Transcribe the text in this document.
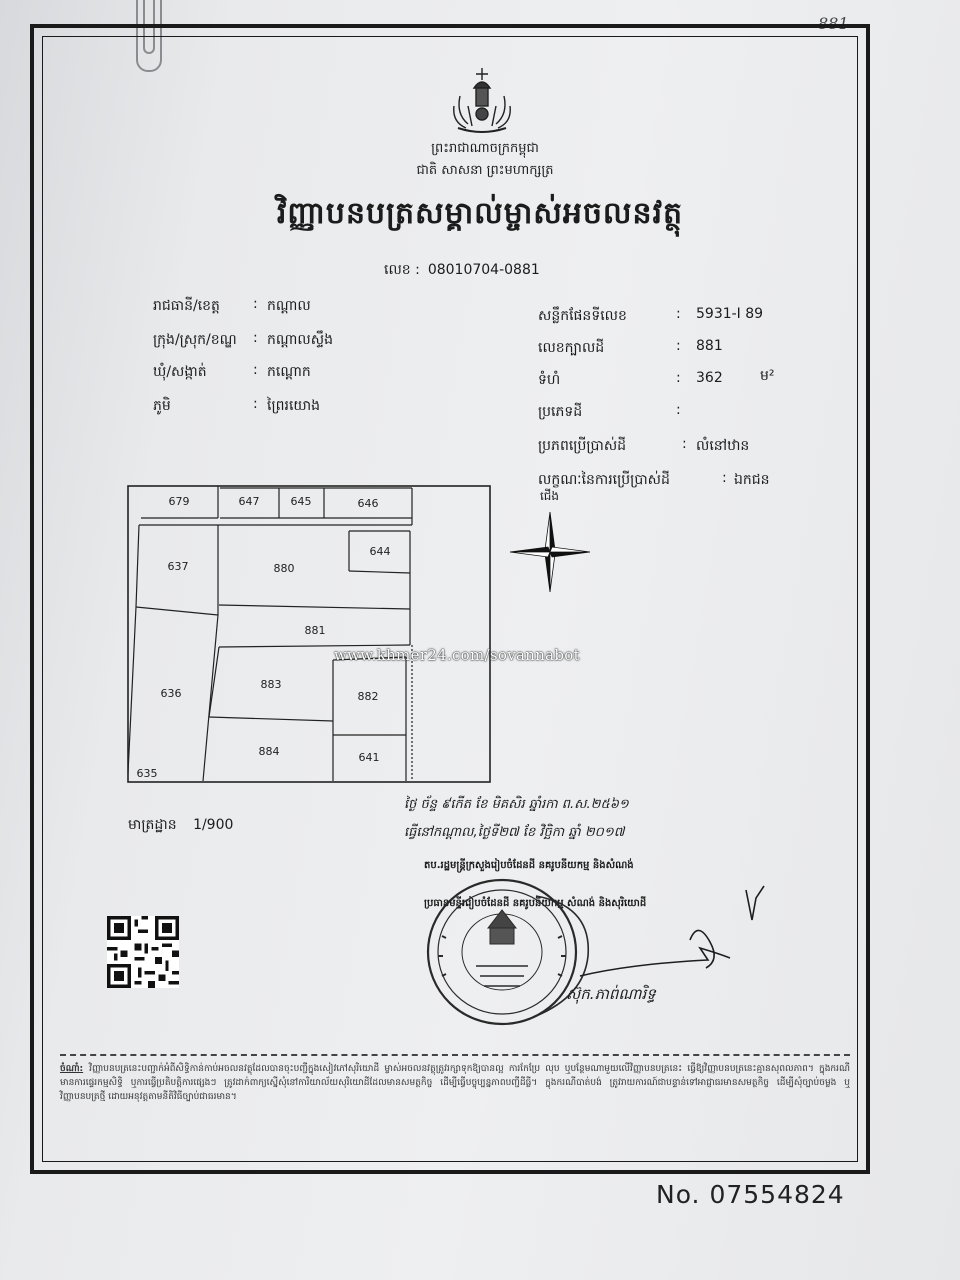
881
ព្រះរាជាណាចក្រកម្ពុជា
ជាតិ សាសនា ព្រះមហាក្សត្រ
វិញ្ញាបនបត្រសម្គាល់ម្ចាស់អចលនវត្ថុ
លេខ : 08010704-0881
រាជធានី/ខេត្ត : កណ្ដាល
ក្រុង/ស្រុក/ខណ្ឌ : កណ្ដាលស្ទឹង
ឃុំ/សង្កាត់	: កណ្ដោក
ភូមិ	: ព្រៃរយោង
សន្លឹកផែនទីលេខ	: 5931-I 89
លេខក្បាលដី	: 881
ទំហំ	: 362	ម²
ប្រភេទដី	:
ប្រភពប្រើប្រាស់ដី	: លំនៅឋាន
លក្ខណៈនៃការប្រើប្រាស់ដី	: ឯកជន
679	647	645	646
637	880
644
881
636
883
882
884	641
635
ជើង
www.khmer24.com/sovannabot
មាត្រដ្ឋាន 1/900
ថ្ងៃ ច័ន្ទ ៩កើត ខែ មិគសិរ ឆ្នាំរកា ព.ស.២៥៦១
ធ្វើនៅកណ្ដាល,ថ្ងៃទី២៧ ខែ វិច្ឆិកា ឆ្នាំ ២០១៧
តប.រដ្ឋមន្ត្រីក្រសួងរៀបចំដែនដី នគរូបនីយកម្ម និងសំណង់
ប្រធានមន្ទីររៀបចំដែនដី នគរូបនីយកម្ម សំណង់ និងសុរិយោដី
ស៊ុក.ភាព់ណារិទ្ធ
ចំណាំ: វិញ្ញាបនបត្រនេះបញ្ជាក់អំពីសិទ្ធិកាន់កាប់អចលនវត្ថុដែលបានចុះបញ្ជីក្នុងសៀវភៅសុរិយោដី ម្ចាស់អចលនវត្ថុត្រូវរក្សាទុកឱ្យបានល្អ ការកែប្រែ លុប ឬបន្ថែមណាមួយលើវិញ្ញាបនបត្រនេះ ធ្វើឱ្យវិញ្ញាបនបត្រនេះគ្មានសុពលភាព។ ក្នុងករណីមានការផ្ទេរកម្មសិទ្ធិ ឬការធ្វើប្រតិបត្តិការផ្សេងៗ ត្រូវដាក់ពាក្យស្នើសុំនៅការិយាល័យសុរិយោដីដែលមានសមត្ថកិច្ច ដើម្បីធ្វើបច្ចុប្បន្នភាពបញ្ជីដីធ្លី។ ក្នុងករណីបាត់បង់ ត្រូវរាយការណ៍ជាបន្ទាន់ទៅអាជ្ញាធរមានសមត្ថកិច្ច ដើម្បីសុំច្បាប់ចម្លង ឬវិញ្ញាបនបត្រថ្មី ដោយអនុវត្តតាមនីតិវិធីច្បាប់ជាធរមាន។
No. 07554824
